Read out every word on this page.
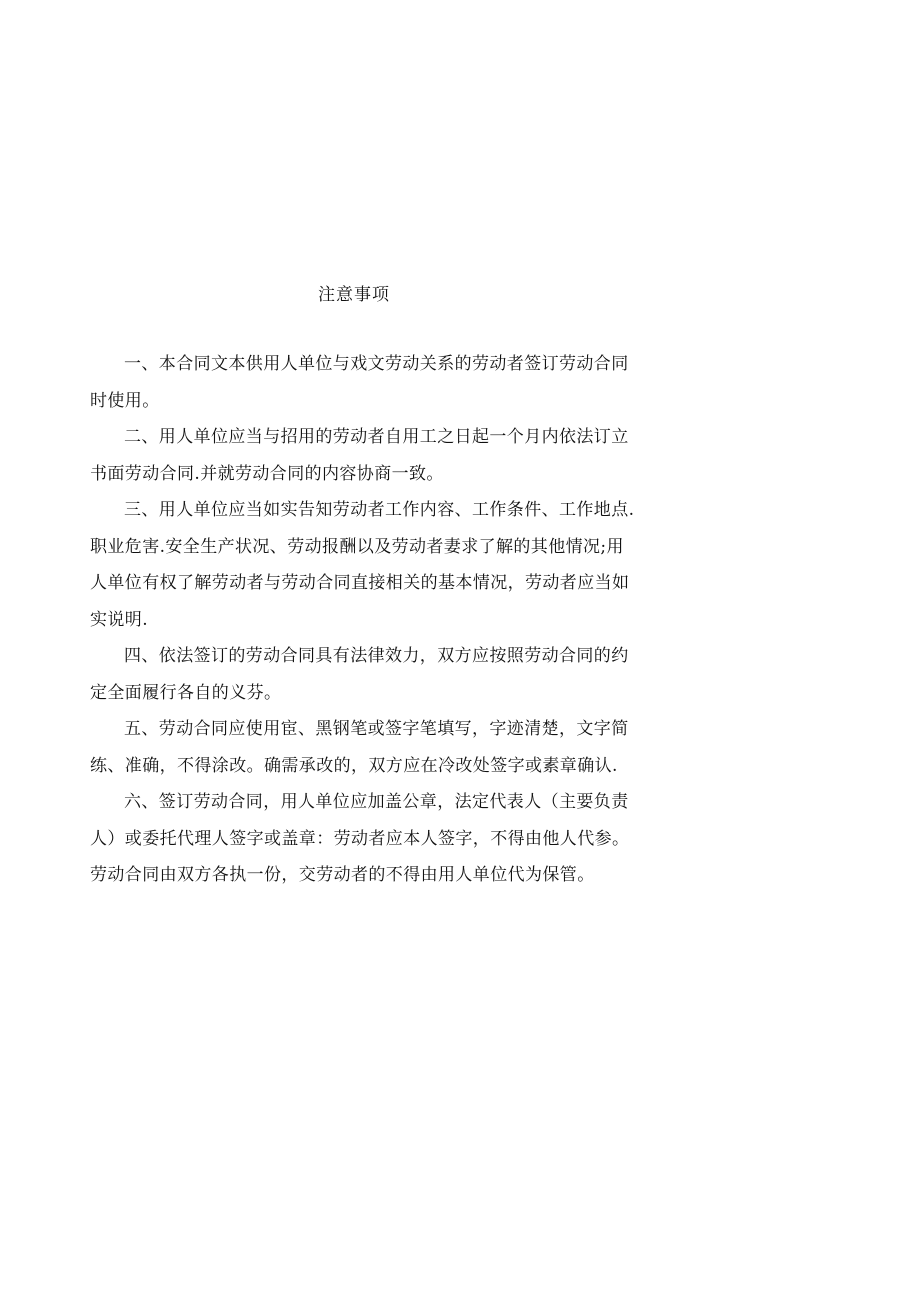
注意事项
一、本合同文本供用人单位与戏文劳动关系的劳动者签订劳动合同
时使用。
二、用人单位应当与招用的劳动者自用工之日起一个月内依法订立
书面劳动合同.并就劳动合同的内容协商一致。
三、用人单位应当如实告知劳动者工作内容、工作条件、工作地点.
职业危害.安全生产状况、劳动报酬以及劳动者妻求了解的其他情况;用
人单位有权了解劳动者与劳动合同直接相关的基本情况，劳动者应当如
实说明.
四、依法签订的劳动合同具有法律效力，双方应按照劳动合同的约
定全面履行各自的义芬。
五、劳动合同应使用宦、黑钢笔或签字笔填写，字迹清楚，文字简
练、准确，不得涂改。确需承改的，双方应在冷改处签字或素章确认.
六、签订劳动合同，用人单位应加盖公章，法定代表人（主要负责
人）或委托代理人签字或盖章：劳动者应本人签字，不得由他人代参。
劳动合同由双方各执一份，交劳动者的不得由用人单位代为保管。
